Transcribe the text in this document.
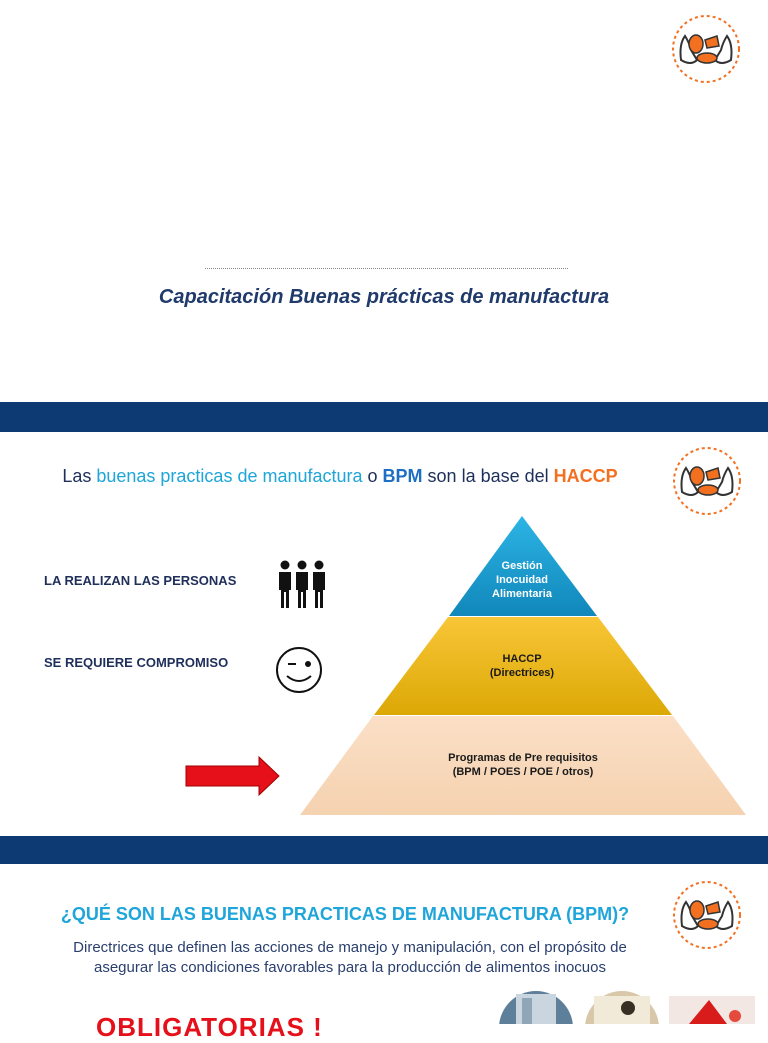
Capacitación Buenas prácticas de manufactura
Las buenas practicas de manufactura o BPM son la base del HACCP
LA REALIZAN LAS PERSONAS
SE REQUIERE COMPROMISO
Gestión
Inocuidad
Alimentaria
HACCP
(Directrices)
Programas de Pre requisitos
(BPM / POES / POE / otros)
¿QUÉ SON LAS BUENAS PRACTICAS DE MANUFACTURA (BPM)?
Directrices que definen las acciones de manejo y manipulación, con el propósito de
asegurar las condiciones favorables para la producción de alimentos inocuos
OBLIGATORIAS !
